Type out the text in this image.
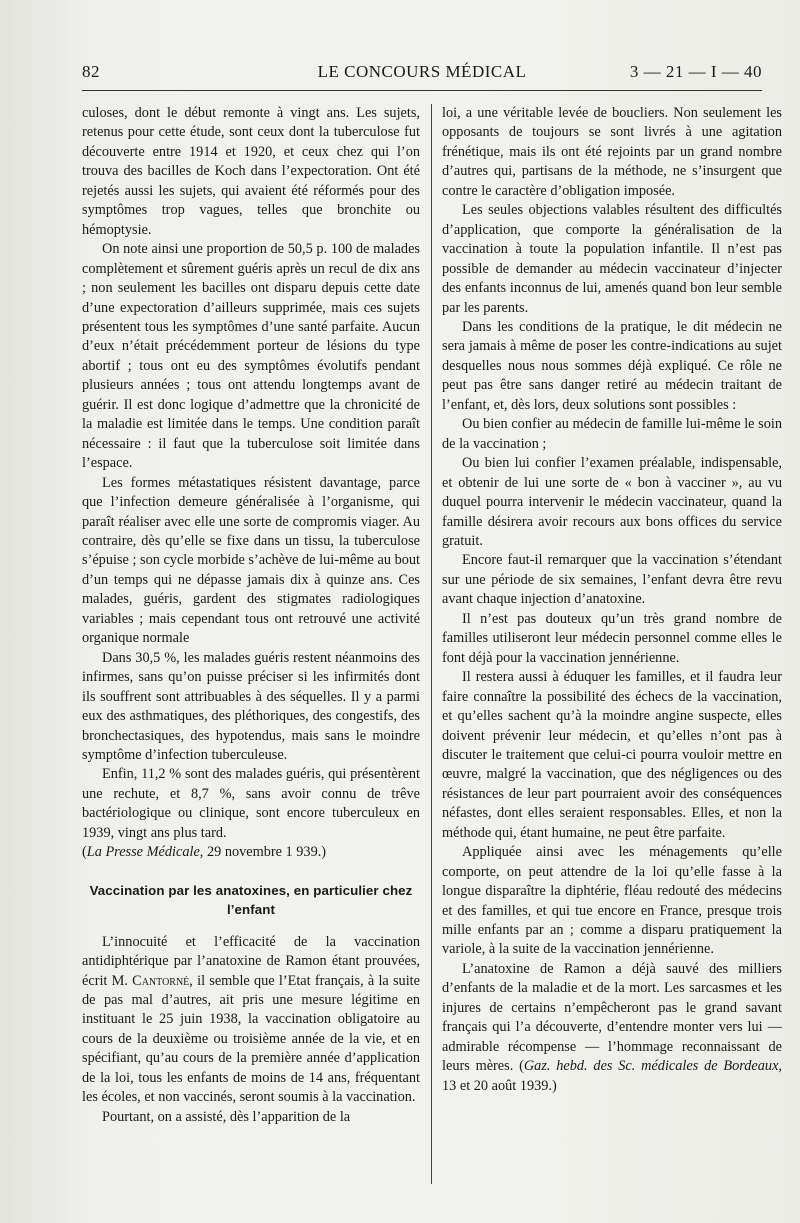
82	LE CONCOURS MÉDICAL	3 — 21 — I — 40

culoses, dont le début remonte à vingt ans. Les sujets, retenus pour cette étude, sont ceux dont la tuberculose fut découverte entre 1914 et 1920, et ceux chez qui l’on trouva des bacilles de Koch dans l’expectoration. Ont été rejetés aussi les sujets, qui avaient été réformés pour des symptômes trop vagues, telles que bronchite ou hémoptysie.

On note ainsi une proportion de 50,5 p. 100 de malades complètement et sûrement guéris après un recul de dix ans ; non seulement les bacilles ont disparu depuis cette date d’une expectoration d’ailleurs supprimée, mais ces sujets présentent tous les symptômes d’une santé parfaite. Aucun d’eux n’était précédemment porteur de lésions du type abortif ; tous ont eu des symptômes évolutifs pendant plusieurs années ; tous ont attendu longtemps avant de guérir. Il est donc logique d’admettre que la chronicité de la maladie est limitée dans le temps. Une condition paraît nécessaire : il faut que la tuberculose soit limitée dans l’espace.

Les formes métastatiques résistent davantage, parce que l’infection demeure généralisée à l’organisme, qui paraît réaliser avec elle une sorte de compromis viager. Au contraire, dès qu’elle se fixe dans un tissu, la tuberculose s’épuise ; son cycle morbide s’achève de lui-même au bout d’un temps qui ne dépasse jamais dix à quinze ans. Ces malades, guéris, gardent des stigmates radiologiques variables ; mais cependant tous ont retrouvé une activité organique normale

Dans 30,5 %, les malades guéris restent néanmoins des infirmes, sans qu’on puisse préciser si les infirmités dont ils souffrent sont attribuables à des séquelles. Il y a parmi eux des asthmatiques, des pléthoriques, des congestifs, des bronchectasiques, des hypotendus, mais sans le moindre symptôme d’infection tuberculeuse.

Enfin, 11,2 % sont des malades guéris, qui présentèrent une rechute, et 8,7 %, sans avoir connu de trêve bactériologique ou clinique, sont encore tuberculeux en 1939, vingt ans plus tard.
(La Presse Médicale, 29 novembre 1 939.)

Vaccination par les anatoxines, en particulier chez l’enfant

L’innocuité et l’efficacité de la vaccination antidiphtérique par l’anatoxine de Ramon étant prouvées, écrit M. Cantorné, il semble que l’Etat français, à la suite de pas mal d’autres, ait pris une mesure légitime en instituant le 25 juin 1938, la vaccination obligatoire au cours de la deuxième ou troisième année de la vie, et en spécifiant, qu’au cours de la première année d’application de la loi, tous les enfants de moins de 14 ans, fréquentant les écoles, et non vaccinés, seront soumis à la vaccination.

Pourtant, on a assisté, dès l’apparition de la

loi, a une véritable levée de boucliers. Non seulement les opposants de toujours se sont livrés à une agitation frénétique, mais ils ont été rejoints par un grand nombre d’autres qui, partisans de la méthode, ne s’insurgent que contre le caractère d’obligation imposée.

Les seules objections valables résultent des difficultés d’application, que comporte la généralisation de la vaccination à toute la population infantile. Il n’est pas possible de demander au médecin vaccinateur d’injecter des enfants inconnus de lui, amenés quand bon leur semble par les parents.

Dans les conditions de la pratique, le dit médecin ne sera jamais à même de poser les contre-indications au sujet desquelles nous nous sommes déjà expliqué. Ce rôle ne peut pas être sans danger retiré au médecin traitant de l’enfant, et, dès lors, deux solutions sont possibles :

Ou bien confier au médecin de famille lui-même le soin de la vaccination ;

Ou bien lui confier l’examen préalable, indispensable, et obtenir de lui une sorte de « bon à vacciner », au vu duquel pourra intervenir le médecin vaccinateur, quand la famille désirera avoir recours aux bons offices du service gratuit.

Encore faut-il remarquer que la vaccination s’étendant sur une période de six semaines, l’enfant devra être revu avant chaque injection d’anatoxine.

Il n’est pas douteux qu’un très grand nombre de familles utiliseront leur médecin personnel comme elles le font déjà pour la vaccination jennérienne.

Il restera aussi à éduquer les familles, et il faudra leur faire connaître la possibilité des échecs de la vaccination, et qu’elles sachent qu’à la moindre angine suspecte, elles doivent prévenir leur médecin, et qu’elles n’ont pas à discuter le traitement que celui-ci pourra vouloir mettre en œuvre, malgré la vaccination, que des négligences ou des résistances de leur part pourraient avoir des conséquences néfastes, dont elles seraient responsables. Elles, et non la méthode qui, étant humaine, ne peut être parfaite.

Appliquée ainsi avec les ménagements qu’elle comporte, on peut attendre de la loi qu’elle fasse à la longue disparaître la diphtérie, fléau redouté des médecins et des familles, et qui tue encore en France, presque trois mille enfants par an ; comme a disparu pratiquement la variole, à la suite de la vaccination jennérienne.

L’anatoxine de Ramon a déjà sauvé des milliers d’enfants de la maladie et de la mort. Les sarcasmes et les injures de certains n’empêcheront pas le grand savant français qui l’a découverte, d’entendre monter vers lui — admirable récompense — l’hommage reconnaissant de leurs mères. (Gaz. hebd. des Sc. médicales de Bordeaux, 13 et 20 août 1939.)
